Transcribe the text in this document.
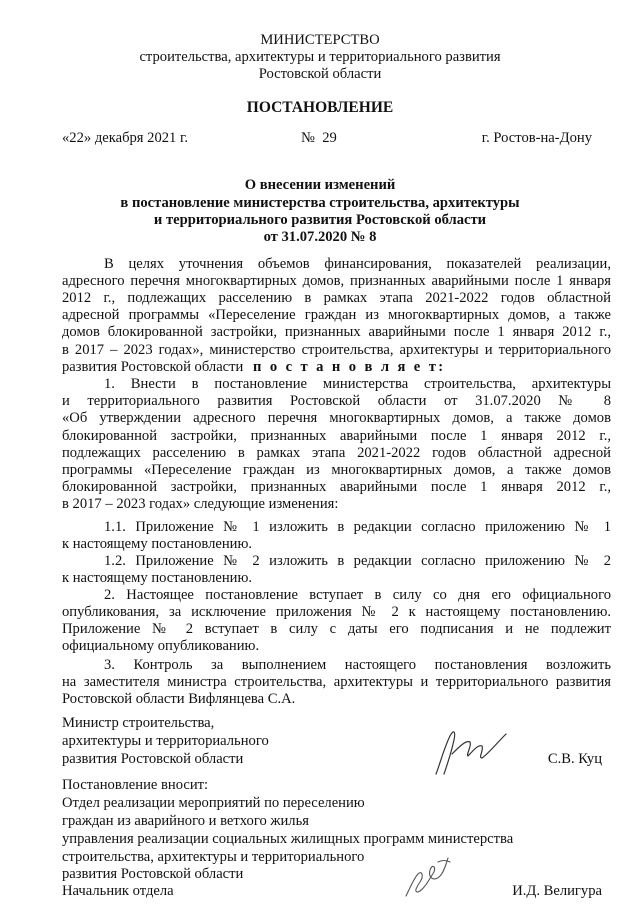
МИНИСТЕРСТВО
строительства, архитектуры и территориального развития
Ростовской области
ПОСТАНОВЛЕНИЕ
«22» декабря 2021 г.	№  29	г. Ростов-на-Дону
О внесении изменений
в постановление министерства строительства, архитектуры
и территориального развития Ростовской области
от 31.07.2020 № 8
В целях уточнения объемов финансирования, показателей реализации,
адресного перечня многоквартирных домов, признанных аварийными после 1 января
2012 г., подлежащих расселению в рамках этапа 2021-2022 годов областной
адресной программы «Переселение граждан из многоквартирных домов, а также
домов блокированной застройки, признанных аварийными после 1 января 2012 г.,
в 2017 – 2023 годах», министерство строительства, архитектуры и территориального
развития Ростовской области п о с т а н о в л я е т:
1. Внести в постановление министерства строительства, архитектуры
и территориального развития Ростовской области от 31.07.2020 № 8
«Об утверждении адресного перечня многоквартирных домов, а также домов
блокированной застройки, признанных аварийными после 1 января 2012 г.,
подлежащих расселению в рамках этапа 2021-2022 годов областной адресной
программы «Переселение граждан из многоквартирных домов, а также домов
блокированной застройки, признанных аварийными после 1 января 2012 г.,
в 2017 – 2023 годах» следующие изменения:
1.1. Приложение № 1 изложить в редакции согласно приложению № 1
к настоящему постановлению.
1.2. Приложение № 2 изложить в редакции согласно приложению № 2
к настоящему постановлению.
2. Настоящее постановление вступает в силу со дня его официального
опубликования, за исключение приложения № 2 к настоящему постановлению.
Приложение № 2 вступает в силу с даты его подписания и не подлежит
официальному опубликованию.
3. Контроль за выполнением настоящего постановления возложить
на заместителя министра строительства, архитектуры и территориального развития
Ростовской области Вифлянцева С.А.
Министр строительства,
архитектуры и территориального
развития Ростовской области	С.В. Куц
Постановление вносит:
Отдел реализации мероприятий по переселению
граждан из аварийного и ветхого жилья
управления реализации социальных жилищных программ министерства
строительства, архитектуры и территориального
развития Ростовской области
Начальник отдела	И.Д. Велигура
